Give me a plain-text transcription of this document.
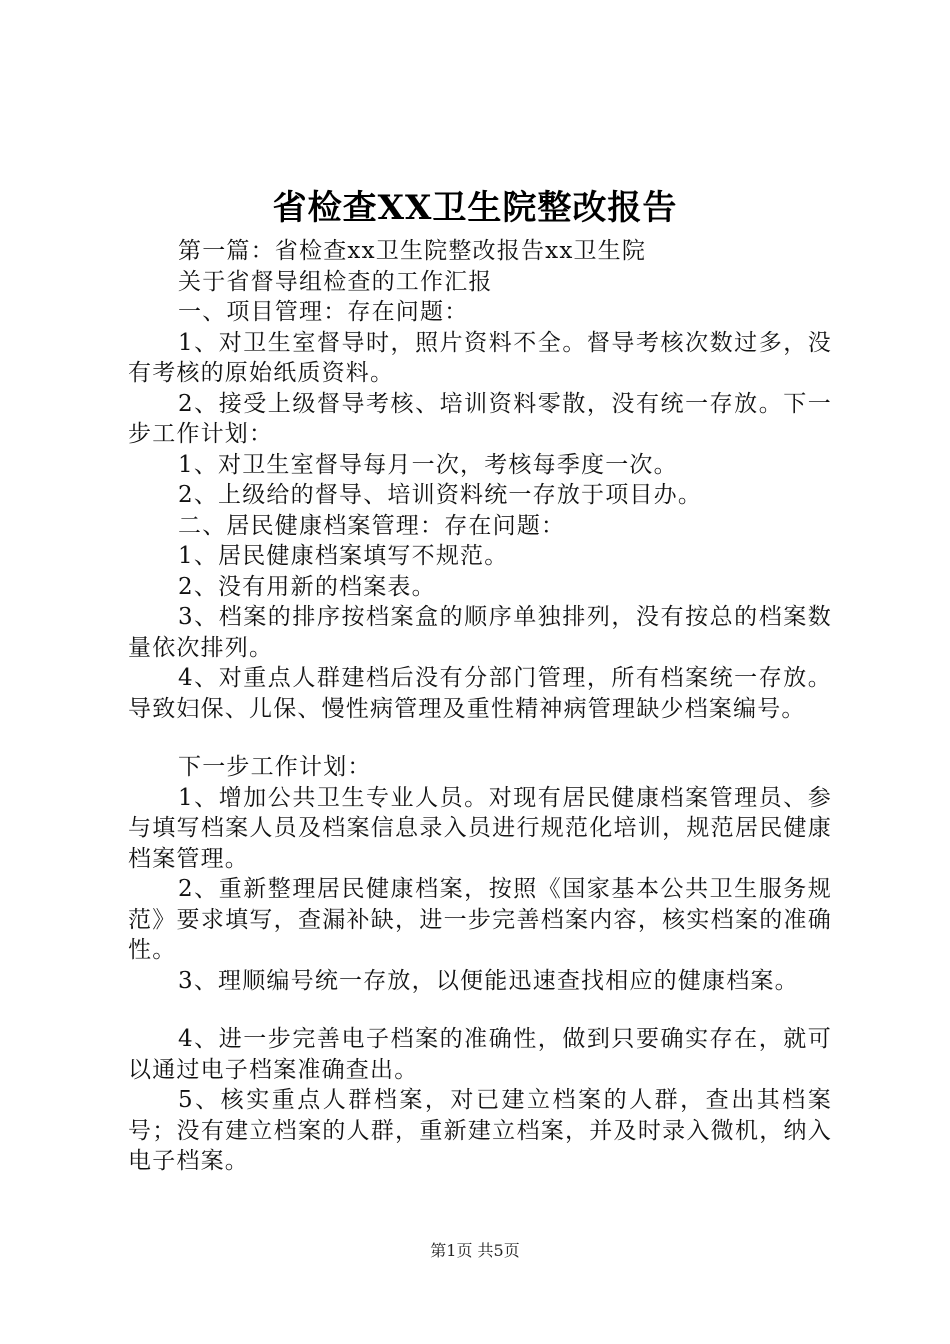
省检查XX卫生院整改报告

第一篇：省检查xx卫生院整改报告xx卫生院

关于省督导组检查的工作汇报

一、项目管理：存在问题：

1、对卫生室督导时，照片资料不全。督导考核次数过多，没有考核的原始纸质资料。

2、接受上级督导考核、培训资料零散，没有统一存放。下一步工作计划：

1、对卫生室督导每月一次，考核每季度一次。

2、上级给的督导、培训资料统一存放于项目办。

二、居民健康档案管理：存在问题：

1、居民健康档案填写不规范。

2、没有用新的档案表。

3、档案的排序按档案盒的顺序单独排列，没有按总的档案数量依次排列。

4、对重点人群建档后没有分部门管理，所有档案统一存放。导致妇保、儿保、慢性病管理及重性精神病管理缺少档案编号。

下一步工作计划：

1、增加公共卫生专业人员。对现有居民健康档案管理员、参与填写档案人员及档案信息录入员进行规范化培训，规范居民健康档案管理。

2、重新整理居民健康档案，按照《国家基本公共卫生服务规范》要求填写，查漏补缺，进一步完善档案内容，核实档案的准确性。

3、理顺编号统一存放，以便能迅速查找相应的健康档案。

4、进一步完善电子档案的准确性，做到只要确实存在，就可以通过电子档案准确查出。

5、核实重点人群档案，对已建立档案的人群，查出其档案号；没有建立档案的人群，重新建立档案，并及时录入微机，纳入电子档案。

第1页 共5页
